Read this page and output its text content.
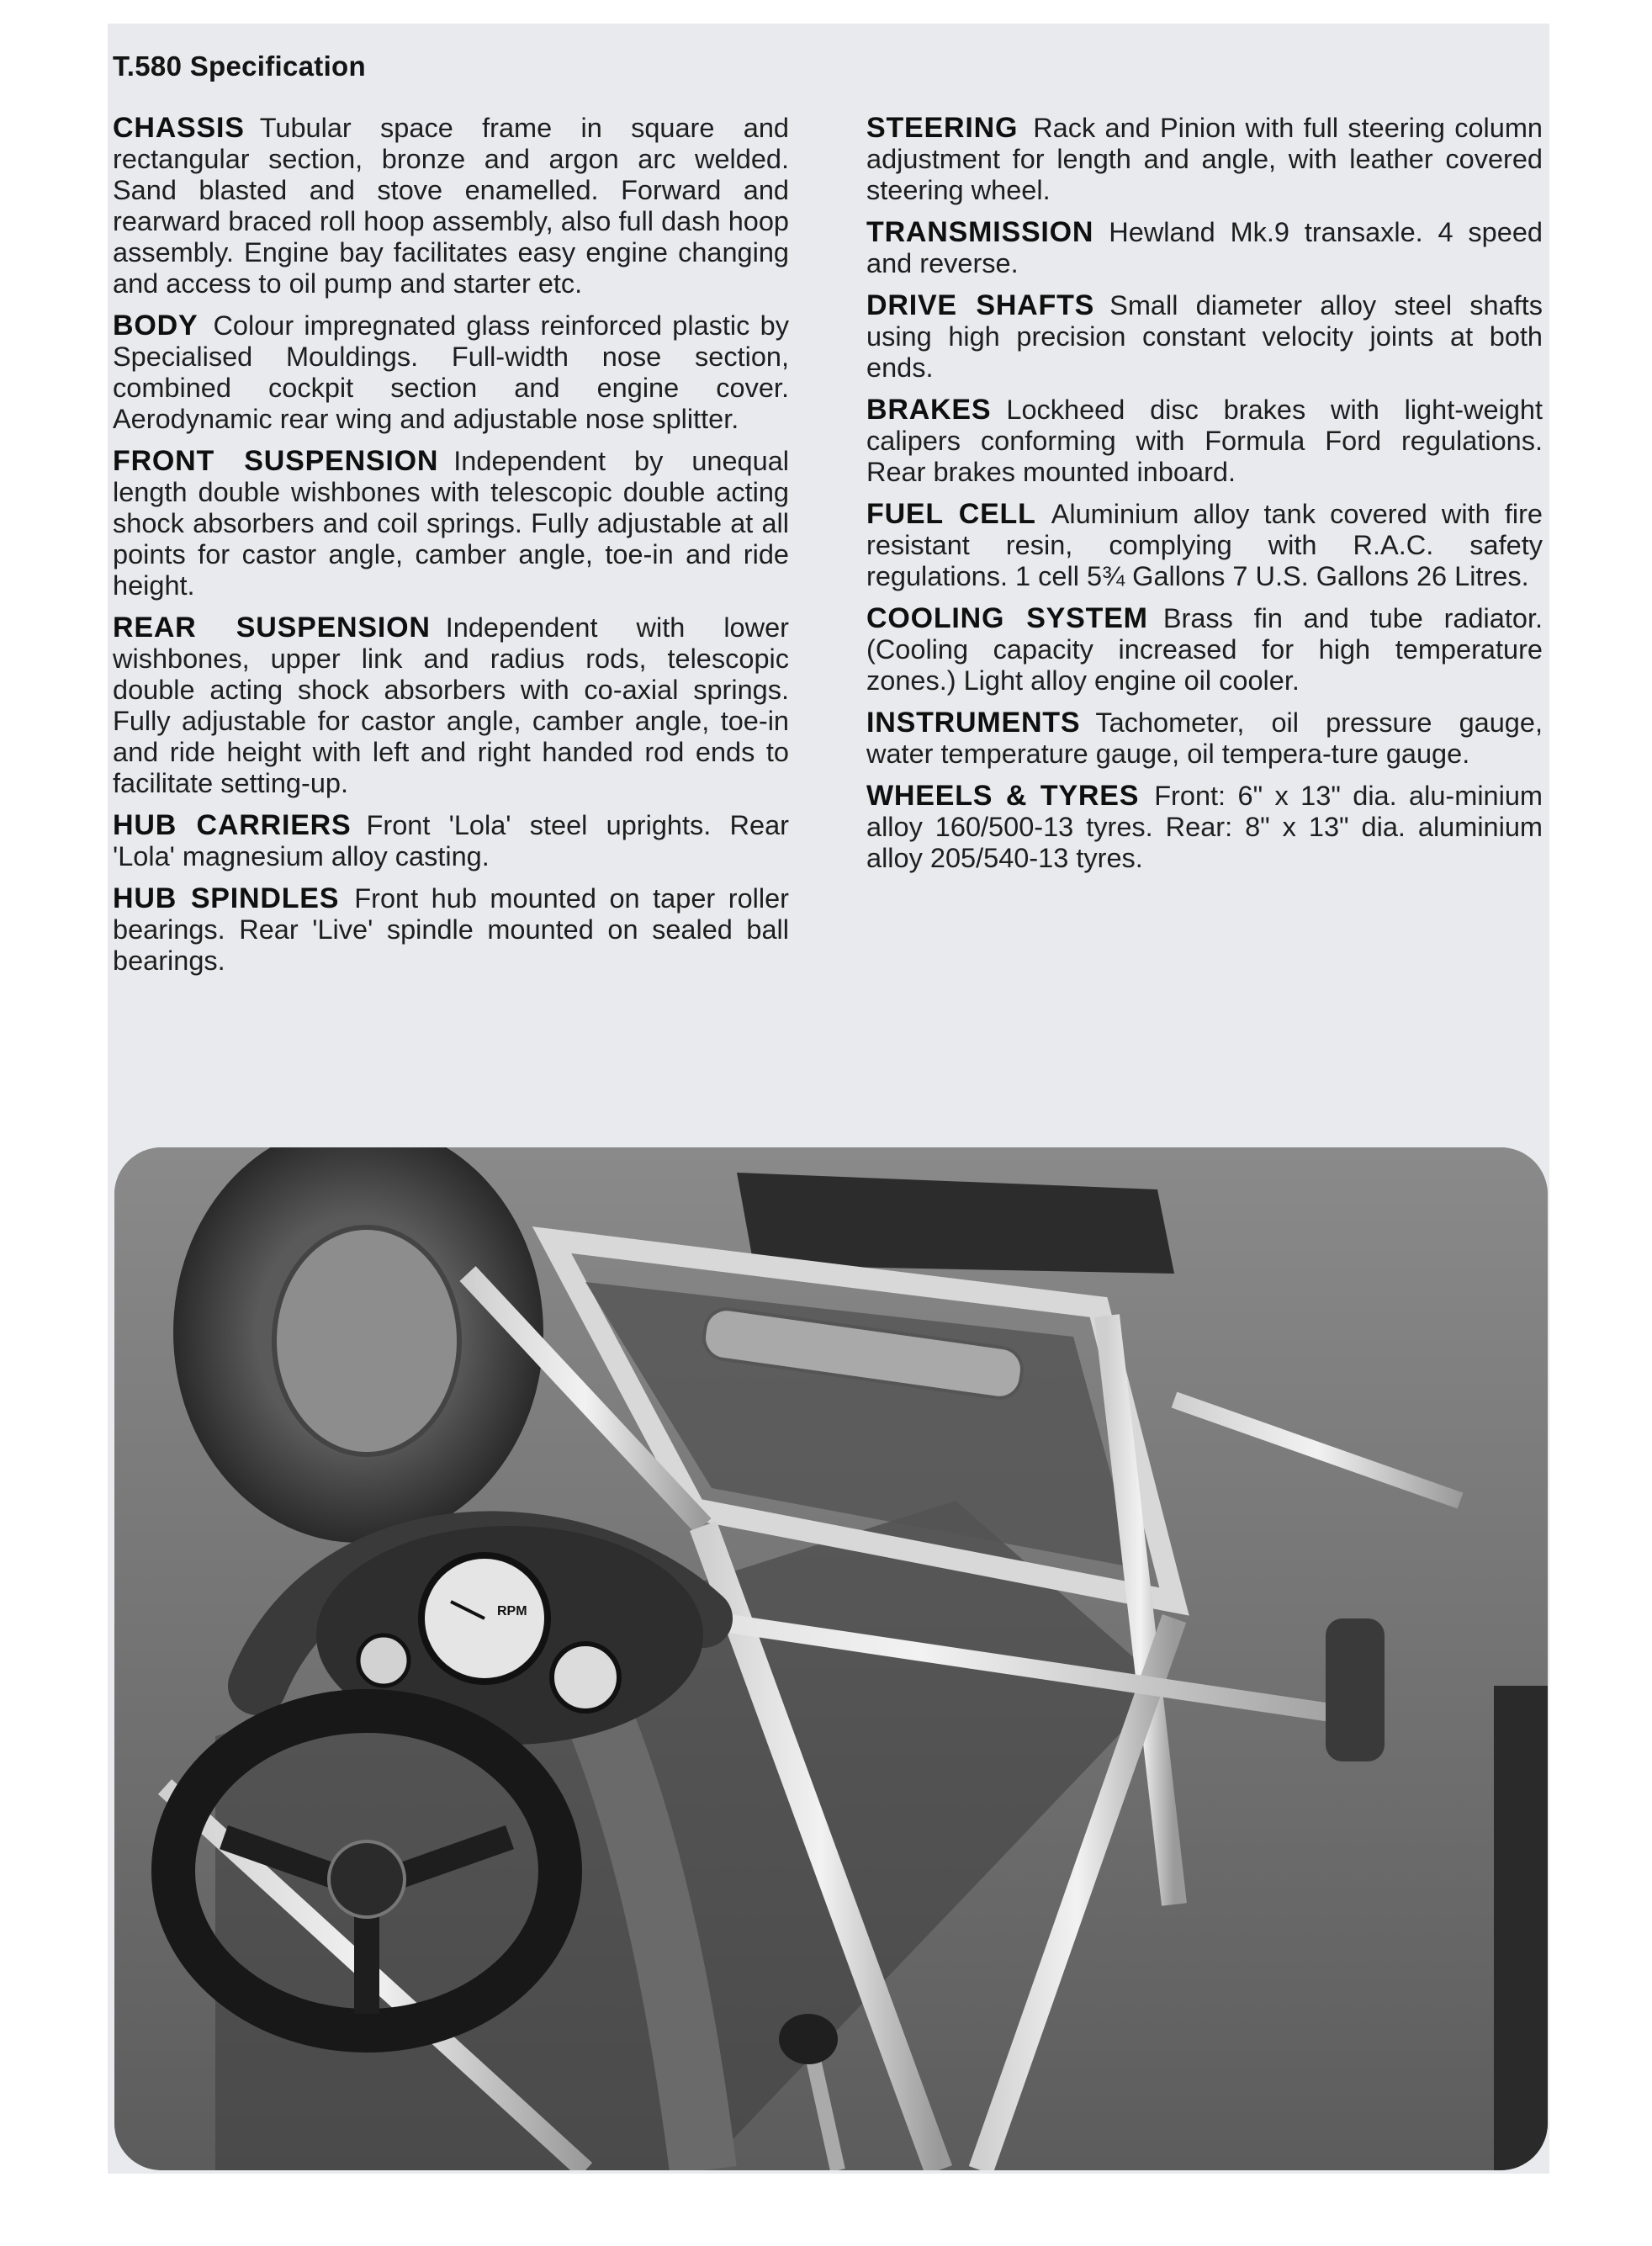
T.580 Specification

CHASSIS Tubular space frame in square and rectangular section, bronze and argon arc welded. Sand blasted and stove enamelled. Forward and rearward braced roll hoop assembly, also full dash hoop assembly. Engine bay facilitates easy engine changing and access to oil pump and starter etc.

BODY Colour impregnated glass reinforced plastic by Specialised Mouldings. Full-width nose section, combined cockpit section and engine cover. Aerodynamic rear wing and adjustable nose splitter.

FRONT SUSPENSION Independent by unequal length double wishbones with telescopic double acting shock absorbers and coil springs. Fully adjustable at all points for castor angle, camber angle, toe-in and ride height.

REAR SUSPENSION Independent with lower wishbones, upper link and radius rods, telescopic double acting shock absorbers with co-axial springs. Fully adjustable for castor angle, camber angle, toe-in and ride height with left and right handed rod ends to facilitate setting-up.

HUB CARRIERS Front 'Lola' steel uprights. Rear 'Lola' magnesium alloy casting.

HUB SPINDLES Front hub mounted on taper roller bearings. Rear 'Live' spindle mounted on sealed ball bearings.

STEERING Rack and Pinion with full steering column adjustment for length and angle, with leather covered steering wheel.

TRANSMISSION Hewland Mk.9 transaxle. 4 speed and reverse.

DRIVE SHAFTS Small diameter alloy steel shafts using high precision constant velocity joints at both ends.

BRAKES Lockheed disc brakes with light-weight calipers conforming with Formula Ford regulations. Rear brakes mounted inboard.

FUEL CELL Aluminium alloy tank covered with fire resistant resin, complying with R.A.C. safety regulations. 1 cell 5¾ Gallons 7 U.S. Gallons 26 Litres.

COOLING SYSTEM Brass fin and tube radiator. (Cooling capacity increased for high temperature zones.) Light alloy engine oil cooler.

INSTRUMENTS Tachometer, oil pressure gauge, water temperature gauge, oil tempera-ture gauge.

WHEELS & TYRES Front: 6" x 13" dia. alu-minium alloy 160/500-13 tyres. Rear: 8" x 13" dia. aluminium alloy 205/540-13 tyres.

RPM
